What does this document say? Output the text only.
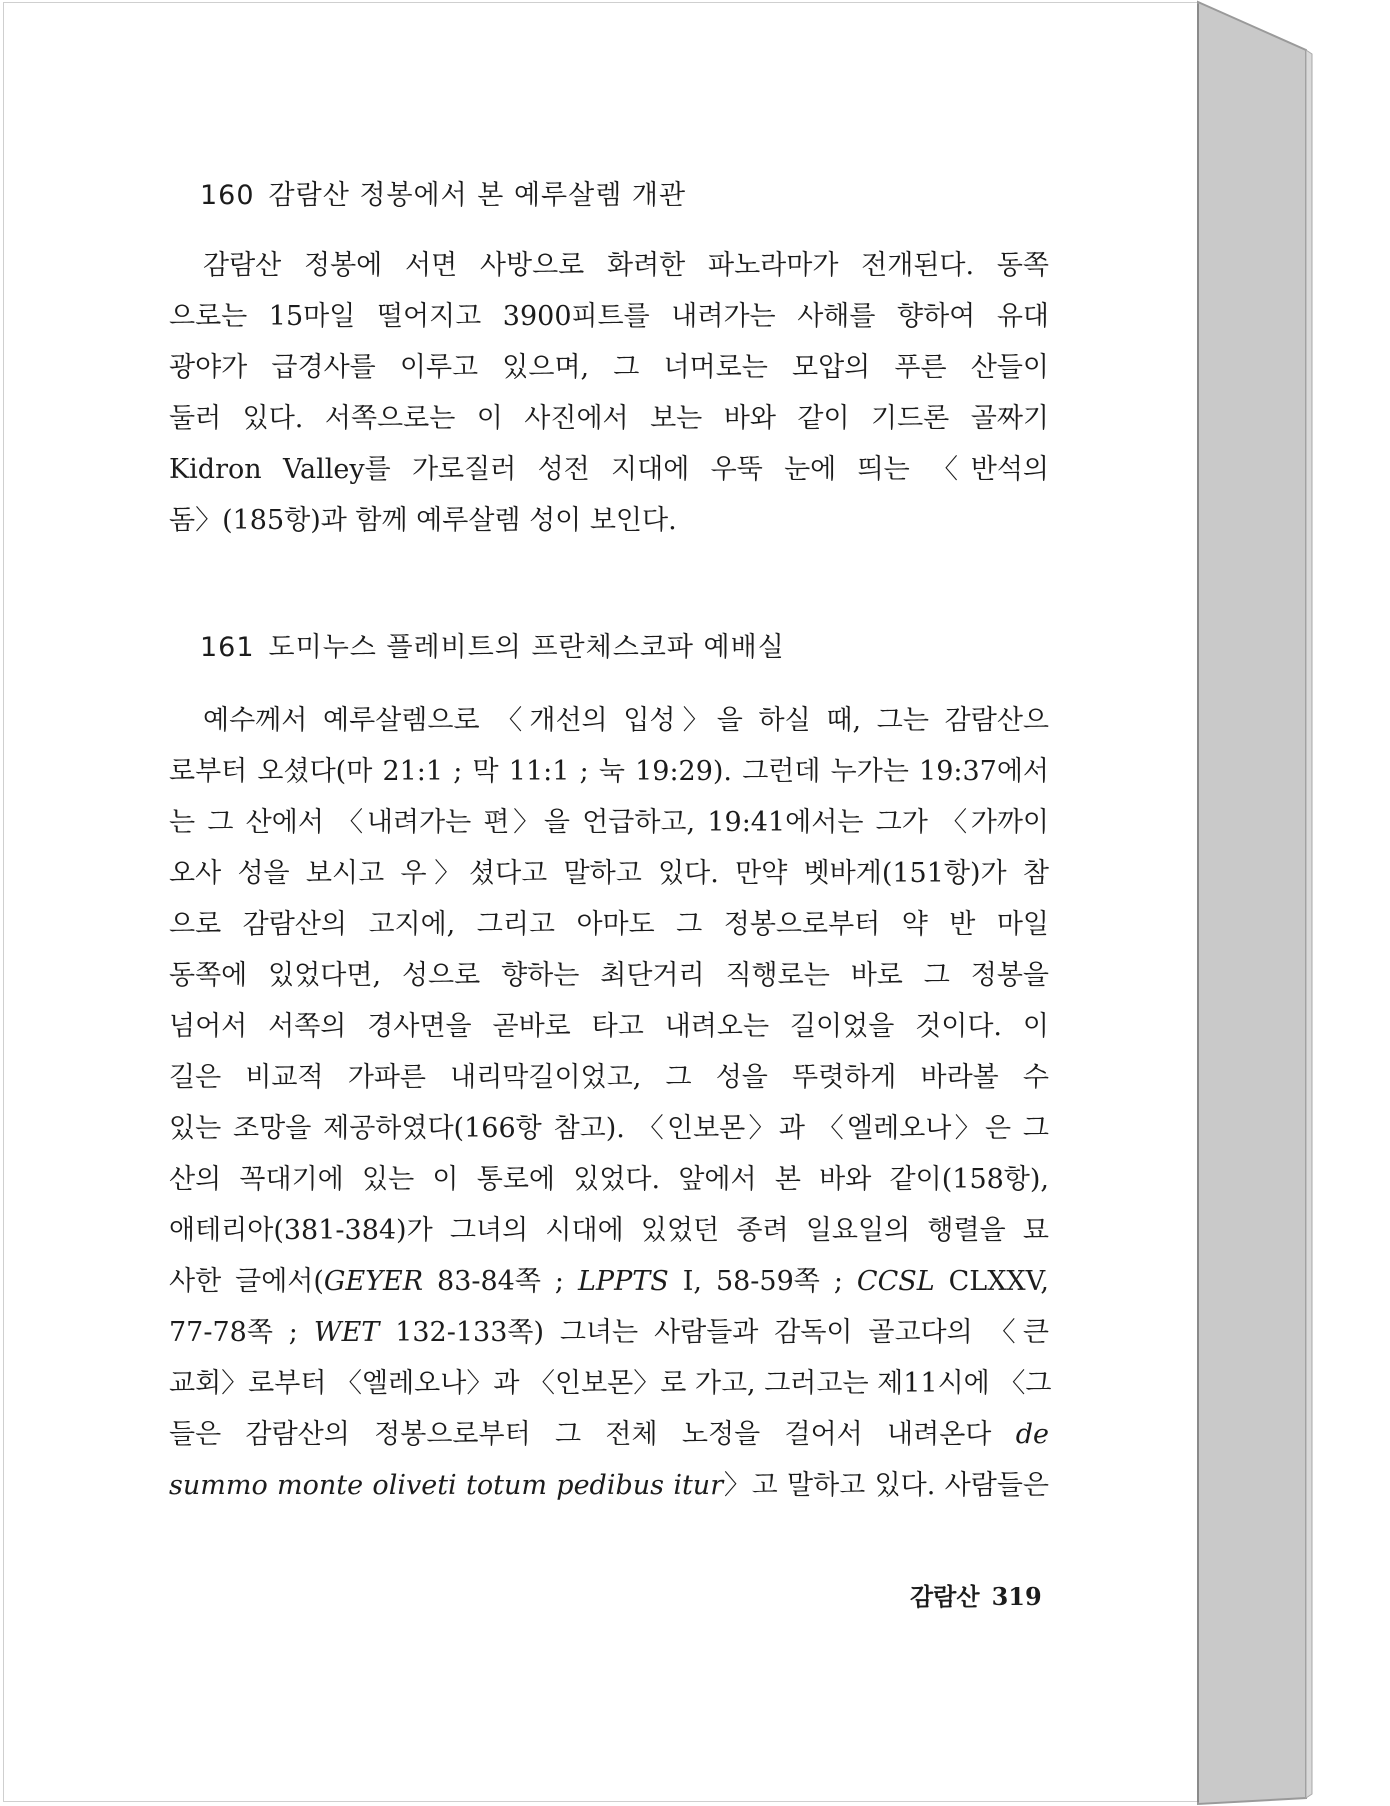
160 감람산 정봉에서 본 예루살렘 개관
감람산 정봉에 서면 사방으로 화려한 파노라마가 전개된다. 동쪽
으로는 15마일 떨어지고 3900피트를 내려가는 사해를 향하여 유대
광야가 급경사를 이루고 있으며, 그 너머로는 모압의 푸른 산들이
둘러 있다. 서쪽으로는 이 사진에서 보는 바와 같이 기드론 골짜기
Kidron Valley를 가로질러 성전 지대에 우뚝 눈에 띄는 〈반석의
돔〉(185항)과 함께 예루살렘 성이 보인다.
161 도미누스 플레비트의 프란체스코파 예배실
예수께서 예루살렘으로 〈개선의 입성〉을 하실 때, 그는 감람산으
로부터 오셨다(마 21:1 ; 막 11:1 ; 눅 19:29). 그런데 누가는 19:37에서
는 그 산에서 〈내려가는 편〉을 언급하고, 19:41에서는 그가 〈가까이
오사 성을 보시고 우〉셨다고 말하고 있다. 만약 벳바게(151항)가 참
으로 감람산의 고지에, 그리고 아마도 그 정봉으로부터 약 반 마일
동쪽에 있었다면, 성으로 향하는 최단거리 직행로는 바로 그 정봉을
넘어서 서쪽의 경사면을 곧바로 타고 내려오는 길이었을 것이다. 이
길은 비교적 가파른 내리막길이었고, 그 성을 뚜렷하게 바라볼 수
있는 조망을 제공하였다(166항 참고). 〈인보몬〉과 〈엘레오나〉은 그
산의 꼭대기에 있는 이 통로에 있었다. 앞에서 본 바와 같이(158항),
애테리아(381-384)가 그녀의 시대에 있었던 종려 일요일의 행렬을 묘
사한 글에서(GEYER 83-84쪽 ; LPPTS I, 58-59쪽 ; CCSL CLXXV,
77-78쪽 ; WET 132-133쪽) 그녀는 사람들과 감독이 골고다의 〈큰
교회〉로부터 〈엘레오나〉과 〈인보몬〉로 가고, 그러고는 제11시에 〈그
들은 감람산의 정봉으로부터 그 전체 노정을 걸어서 내려온다 de
summo monte oliveti totum pedibus itur〉고 말하고 있다. 사람들은
감람산 319
